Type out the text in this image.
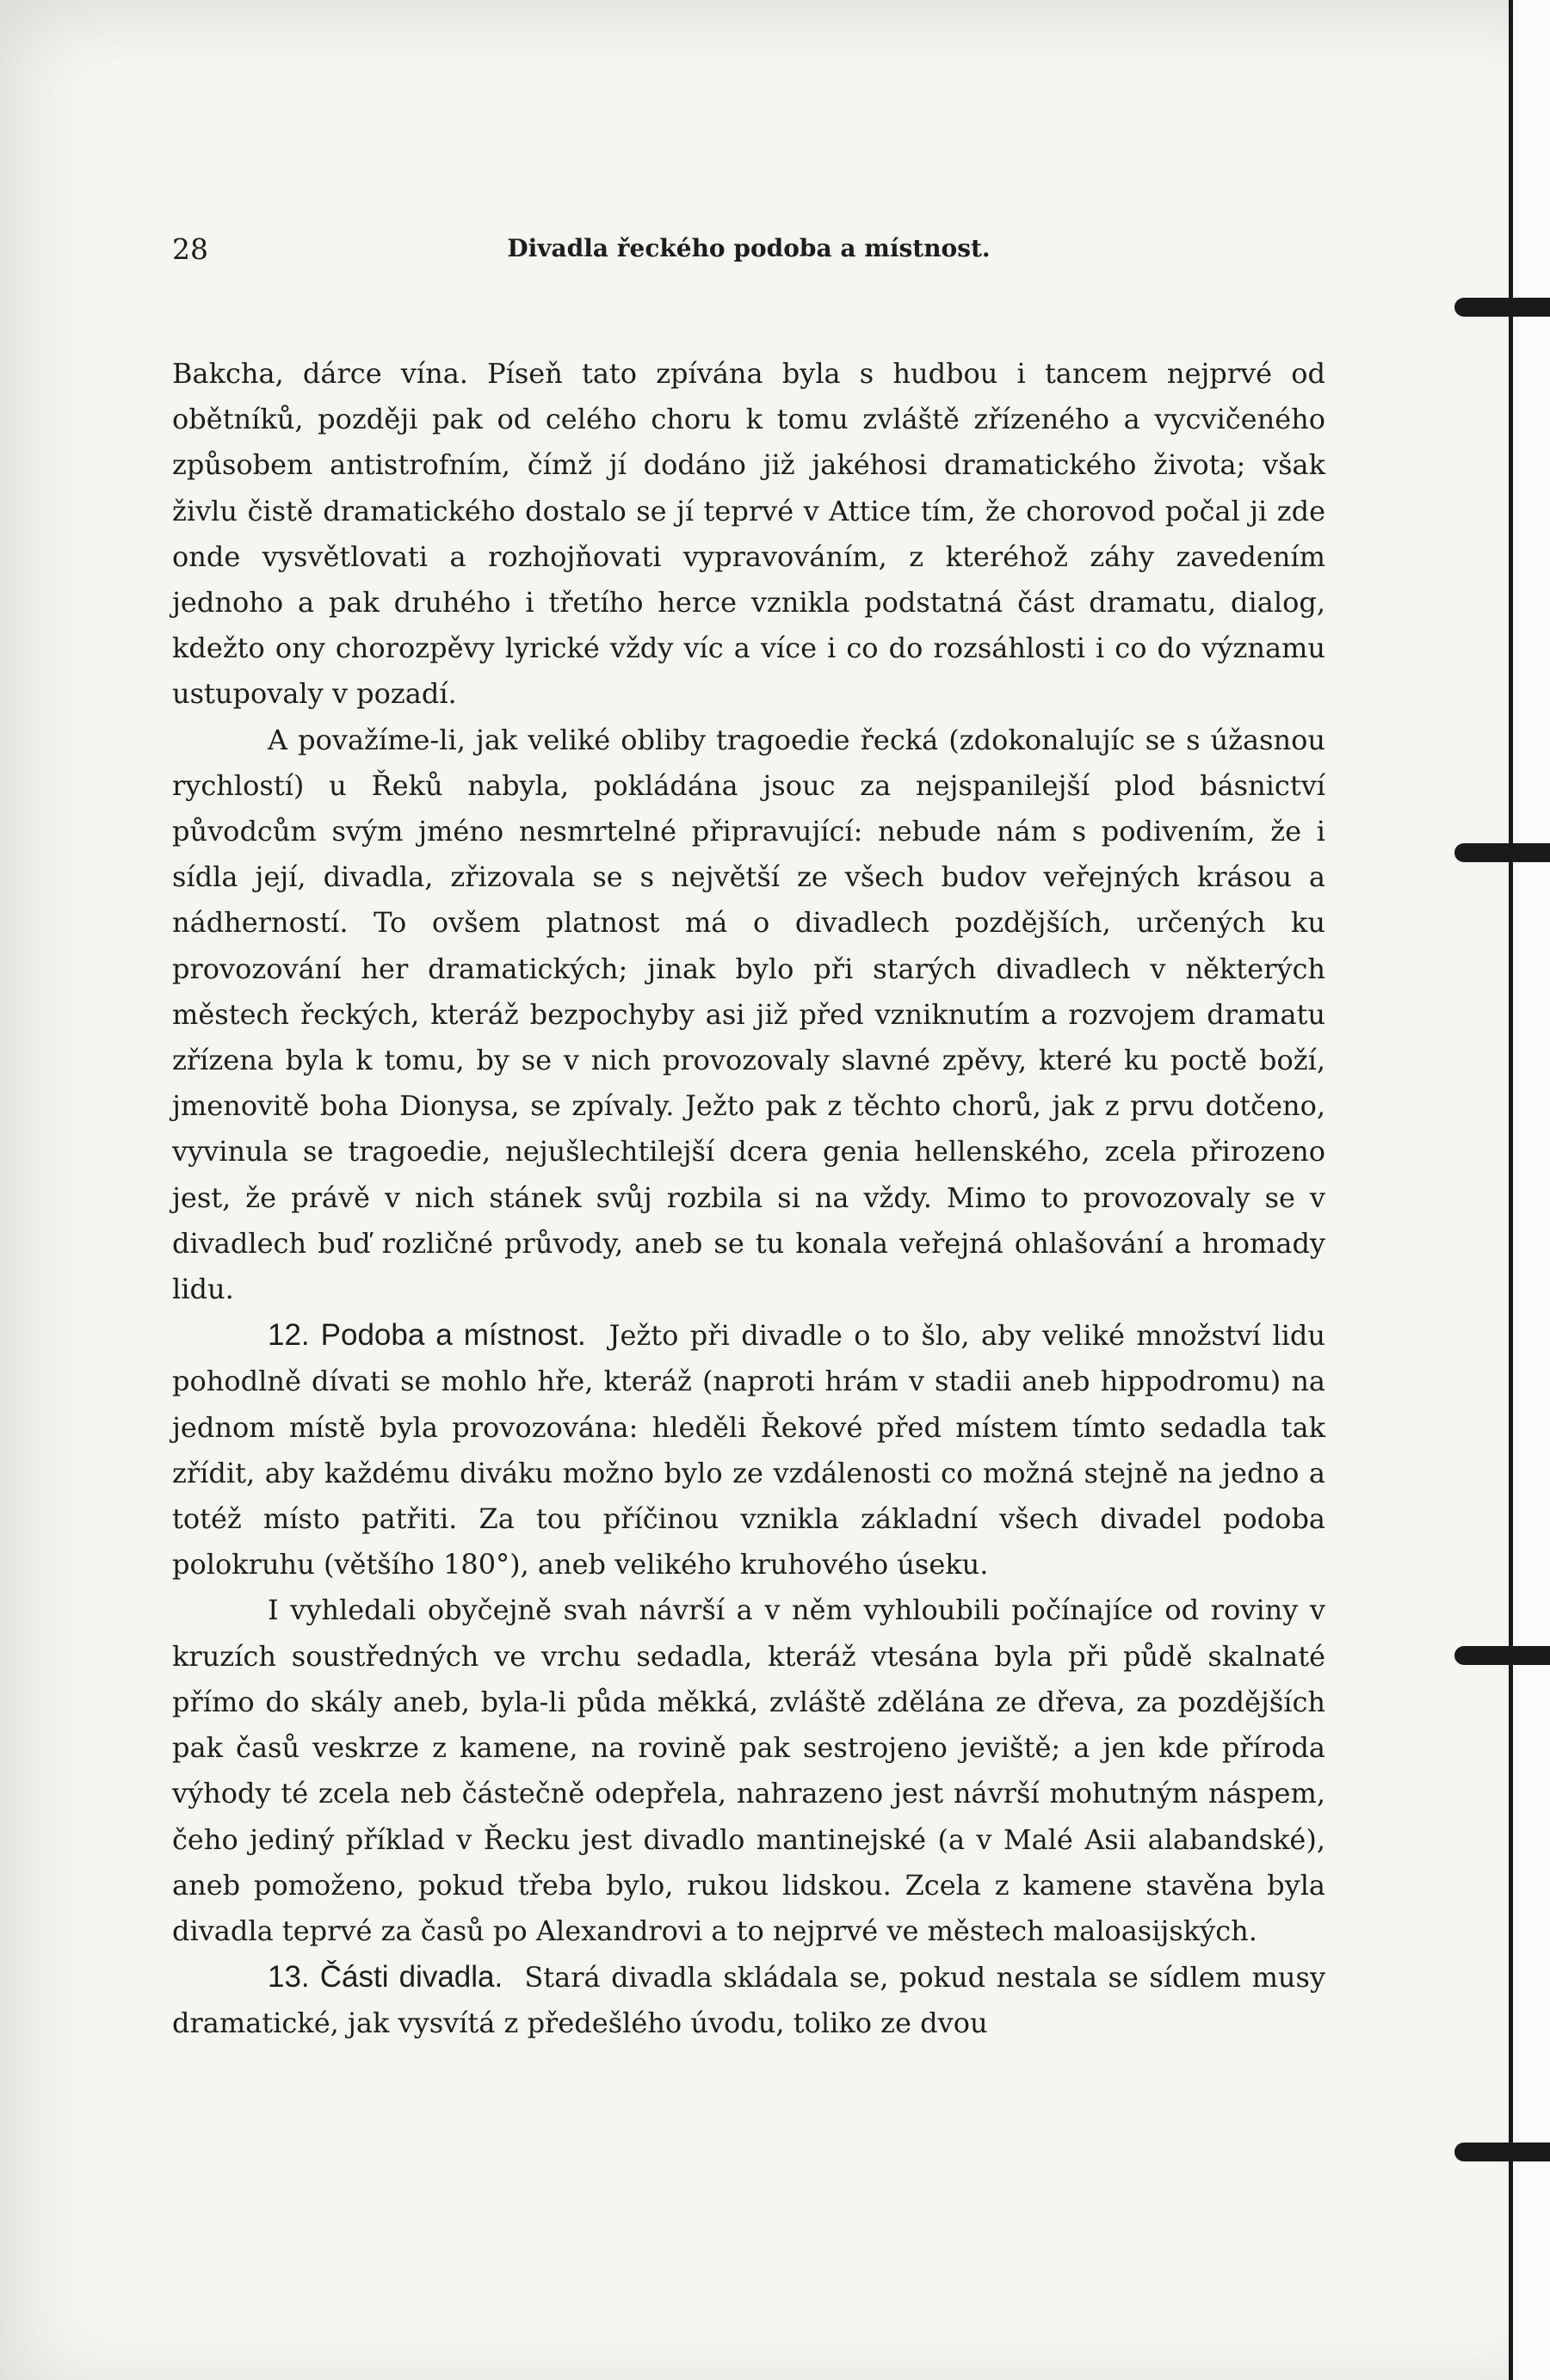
28	Divadla řeckého podoba a místnost.

Bakcha, dárce vína. Píseň tato zpívána byla s hudbou i tancem nejprvé od obětníků, později pak od celého choru k tomu zvláště zřízeného a vycvičeného způsobem antistrofním, čímž jí dodáno již jakéhosi dramatického života; však živlu čistě dramatického dostalo se jí teprvé v Attice tím, že chorovod počal ji zde onde vysvětlovati a rozhojňovati vypravováním, z kteréhož záhy zavedením jednoho a pak druhého i třetího herce vznikla podstatná část dramatu, dialog, kdežto ony chorozpěvy lyrické vždy víc a více i co do rozsáhlosti i co do významu ustupovaly v pozadí.

A považíme-li, jak veliké obliby tragoedie řecká (zdokonalujíc se s úžasnou rychlostí) u Řeků nabyla, pokládána jsouc za nejspanilejší plod básnictví původcům svým jméno nesmrtelné připravující: nebude nám s podivením, že i sídla její, divadla, zřizovala se s největší ze všech budov veřejných krásou a nádherností. To ovšem platnost má o divadlech pozdějších, určených ku provozování her dramatických; jinak bylo při starých divadlech v některých městech řeckých, kteráž bezpochyby asi již před vzniknutím a rozvojem dramatu zřízena byla k tomu, by se v nich provozovaly slavné zpěvy, které ku poctě boží, jmenovitě boha Dionysa, se zpívaly. Ježto pak z těchto chorů, jak z prvu dotčeno, vyvinula se tragoedie, nejušlechtilejší dcera genia hellenského, zcela přirozeno jest, že právě v nich stánek svůj rozbila si na vždy. Mimo to provozovaly se v divadlech buď rozličné průvody, aneb se tu konala veřejná ohlašování a hromady lidu.

12. Podoba a místnost. Ježto při divadle o to šlo, aby veliké množství lidu pohodlně dívati se mohlo hře, kteráž (naproti hrám v stadii aneb hippodromu) na jednom místě byla provozována: hleděli Řekové před místem tímto sedadla tak zřídit, aby každému diváku možno bylo ze vzdálenosti co možná stejně na jedno a totéž místo patřiti. Za tou příčinou vznikla základní všech divadel podoba polokruhu (většího 180°), aneb velikého kruhového úseku.

I vyhledali obyčejně svah návrší a v něm vyhloubili počínajíce od roviny v kruzích soustředných ve vrchu sedadla, kteráž vtesána byla při půdě skalnaté přímo do skály aneb, byla-li půda měkká, zvláště zdělána ze dřeva, za pozdějších pak časů veskrze z kamene, na rovině pak sestrojeno jeviště; a jen kde příroda výhody té zcela neb částečně odepřela, nahrazeno jest návrší mohutným náspem, čeho jediný příklad v Řecku jest divadlo mantinejské (a v Malé Asii alabandské), aneb pomoženo, pokud třeba bylo, rukou lidskou. Zcela z kamene stavěna byla divadla teprvé za časů po Alexandrovi a to nejprvé ve městech maloasijských.

13. Části divadla. Stará divadla skládala se, pokud nestala se sídlem musy dramatické, jak vysvítá z předešlého úvodu, toliko ze dvou
